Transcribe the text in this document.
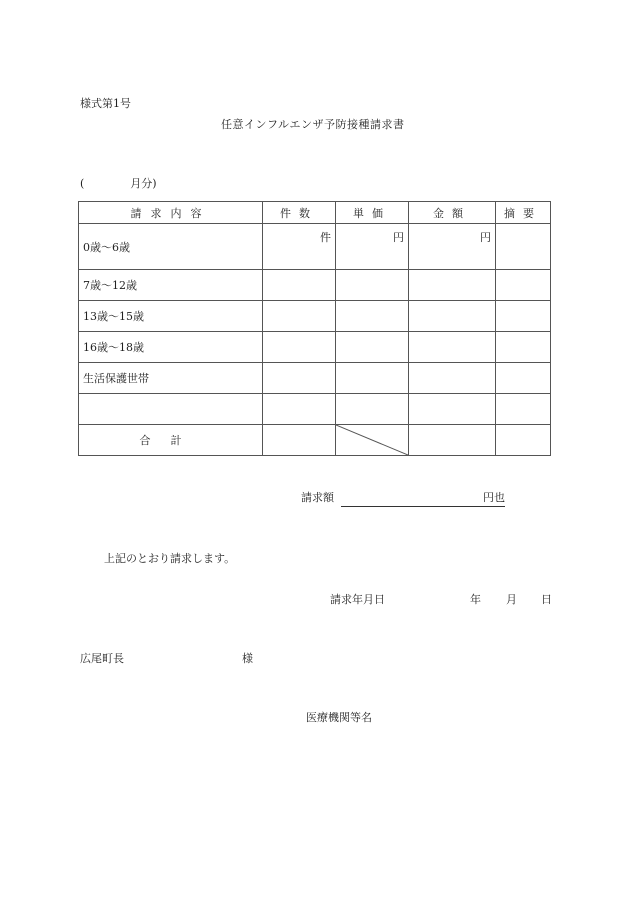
様式第1号
任意インフルエンザ予防接種請求書
(	月分)
請求内容	件数	単価	金額	摘要
0歳～6歳	件	円	円	
7歳～12歳				
13歳～15歳				
16歳～18歳				
生活保護世帯				

合計		

請求額	円也
上記のとおり請求します。
請求年月日	年 月 日
広尾町長	様
医療機関等名
